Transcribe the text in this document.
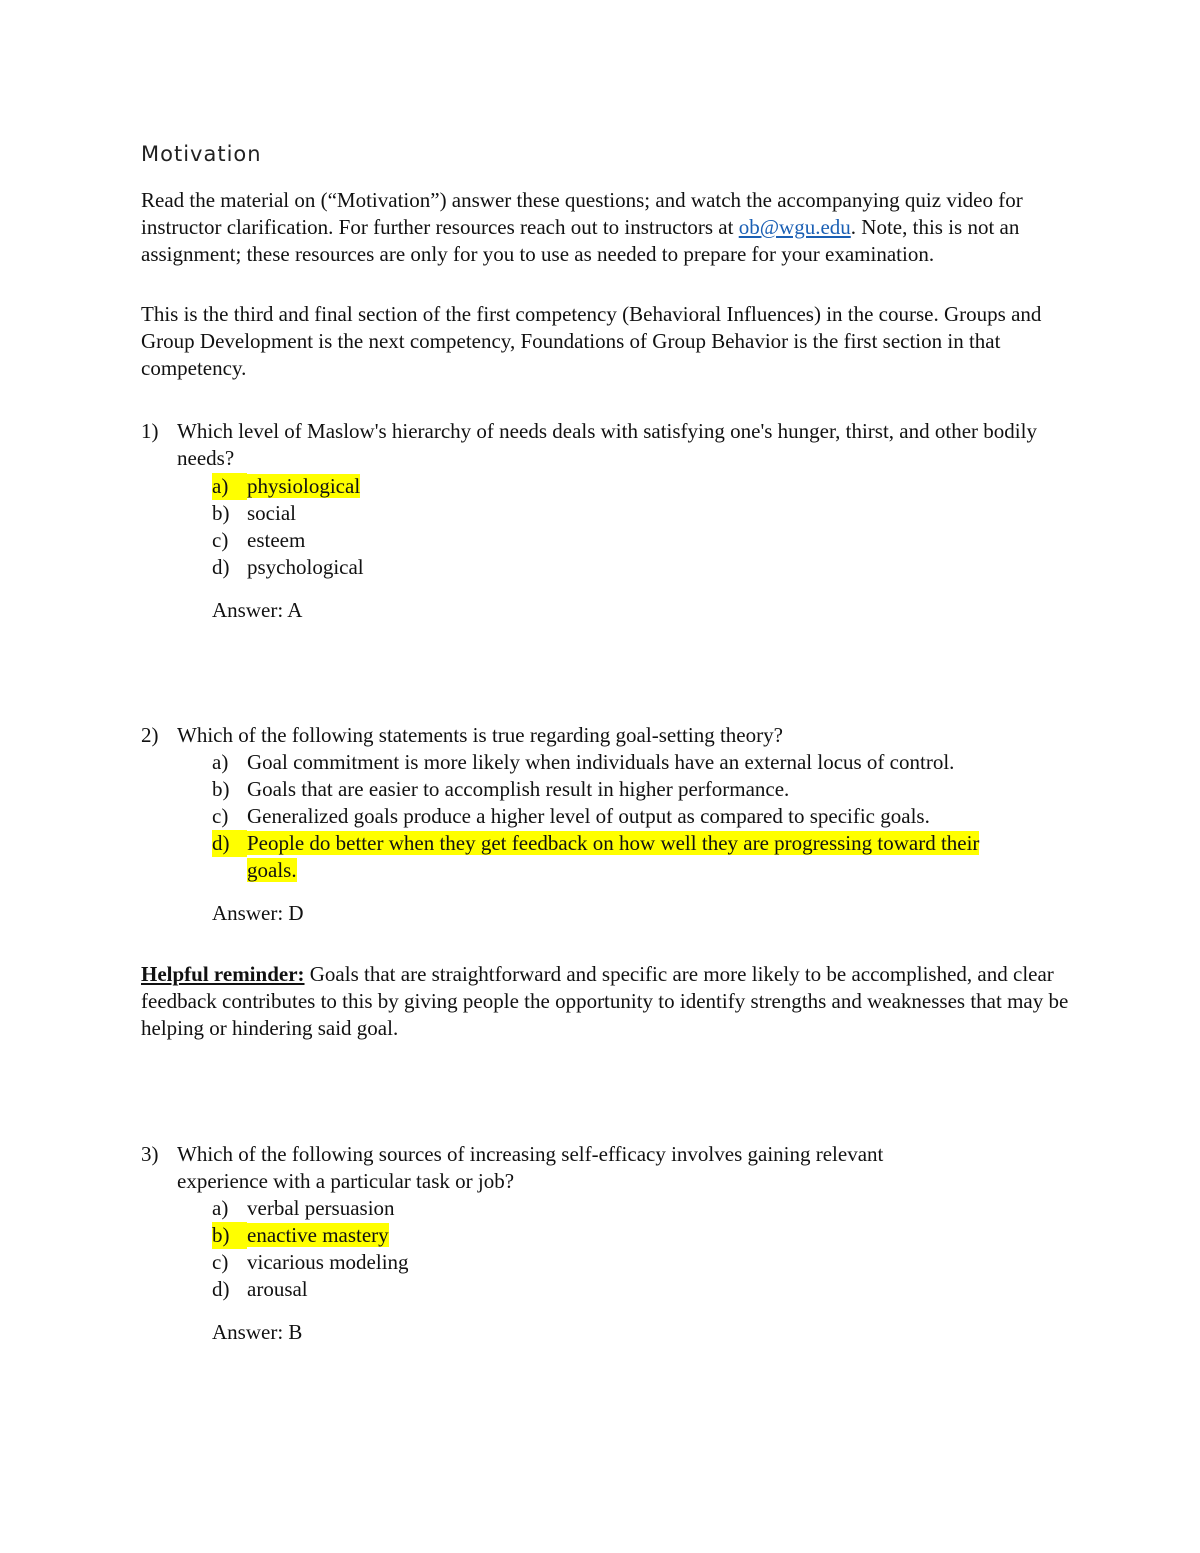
Motivation
Read the material on (“Motivation”) answer these questions; and watch the accompanying quiz video for instructor clarification. For further resources reach out to instructors at ob@wgu.edu. Note, this is not an assignment; these resources are only for you to use as needed to prepare for your examination.
This is the third and final section of the first competency (Behavioral Influences) in the course. Groups and Group Development is the next competency, Foundations of Group Behavior is the first section in that competency.
1) Which level of Maslow's hierarchy of needs deals with satisfying one's hunger, thirst, and other bodily needs?
a) physiological
b) social
c) esteem
d) psychological
Answer: A
2) Which of the following statements is true regarding goal-setting theory?
a) Goal commitment is more likely when individuals have an external locus of control.
b) Goals that are easier to accomplish result in higher performance.
c) Generalized goals produce a higher level of output as compared to specific goals.
d) People do better when they get feedback on how well they are progressing toward their goals.
Answer: D
Helpful reminder: Goals that are straightforward and specific are more likely to be accomplished, and clear feedback contributes to this by giving people the opportunity to identify strengths and weaknesses that may be helping or hindering said goal.
3) Which of the following sources of increasing self-efficacy involves gaining relevant experience with a particular task or job?
a) verbal persuasion
b) enactive mastery
c) vicarious modeling
d) arousal
Answer: B
